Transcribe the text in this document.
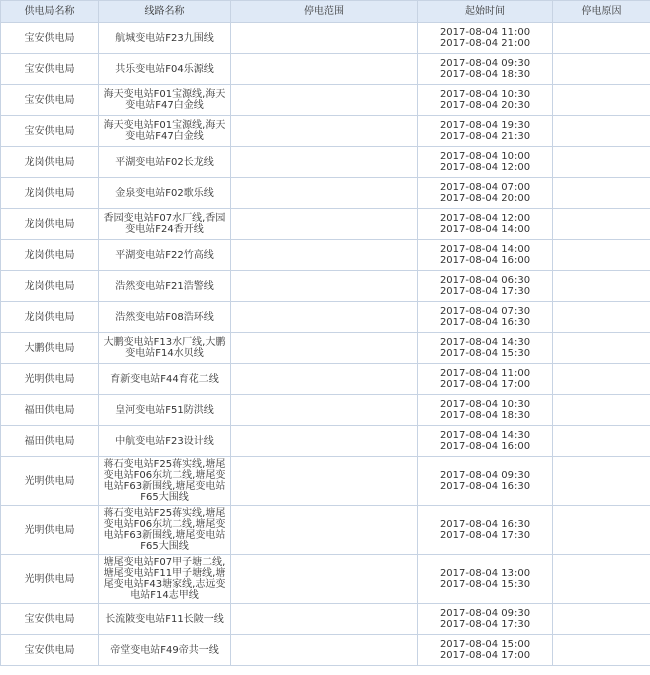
供电局名称	线路名称	停电范围	起始时间	停电原因
宝安供电局	航城变电站F23九围线		2017-08-04 11:00
2017-08-04 21:00	

宝安供电局	共乐变电站F04乐源线		2017-08-04 09:30
2017-08-04 18:30	

宝安供电局	海天变电站F01宝源线,海天变电站F47白金线		2017-08-04 10:30
2017-08-04 20:30	

宝安供电局	海天变电站F01宝源线,海天变电站F47白金线		2017-08-04 19:30
2017-08-04 21:30	

龙岗供电局	平湖变电站F02长龙线		2017-08-04 10:00
2017-08-04 12:00	

龙岗供电局	金泉变电站F02歌乐线		2017-08-04 07:00
2017-08-04 20:00	

龙岗供电局	香园变电站F07水厂线,香园变电站F24香开线		2017-08-04 12:00
2017-08-04 14:00	

龙岗供电局	平湖变电站F22竹高线		2017-08-04 14:00
2017-08-04 16:00	

龙岗供电局	浩然变电站F21浩警线		2017-08-04 06:30
2017-08-04 17:30	

龙岗供电局	浩然变电站F08浩环线		2017-08-04 07:30
2017-08-04 16:30	

大鹏供电局	大鹏变电站F13水厂线,大鹏变电站F14水贝线		2017-08-04 14:30
2017-08-04 15:30	

光明供电局	育新变电站F44育花二线		2017-08-04 11:00
2017-08-04 17:00	

福田供电局	皇河变电站F51防洪线		2017-08-04 10:30
2017-08-04 18:30	

福田供电局	中航变电站F23设计线		2017-08-04 14:30
2017-08-04 16:00	

光明供电局	蒋石变电站F25蒋实线,塘尾变电站F06东坑二线,塘尾变电站F63新围线,塘尾变电站F65大围线		2017-08-04 09:30
2017-08-04 16:30	

光明供电局	蒋石变电站F25蒋实线,塘尾变电站F06东坑二线,塘尾变电站F63新围线,塘尾变电站F65大围线		2017-08-04 16:30
2017-08-04 17:30	

光明供电局	塘尾变电站F07甲子塘二线,塘尾变电站F11甲子塘线,塘尾变电站F43塘家线,志远变电站F14志甲线		2017-08-04 13:00
2017-08-04 15:30	

宝安供电局	长流陂变电站F11长陂一线		2017-08-04 09:30
2017-08-04 17:30	

宝安供电局	帝堂变电站F49帝共一线		2017-08-04 15:00
2017-08-04 17:00	
